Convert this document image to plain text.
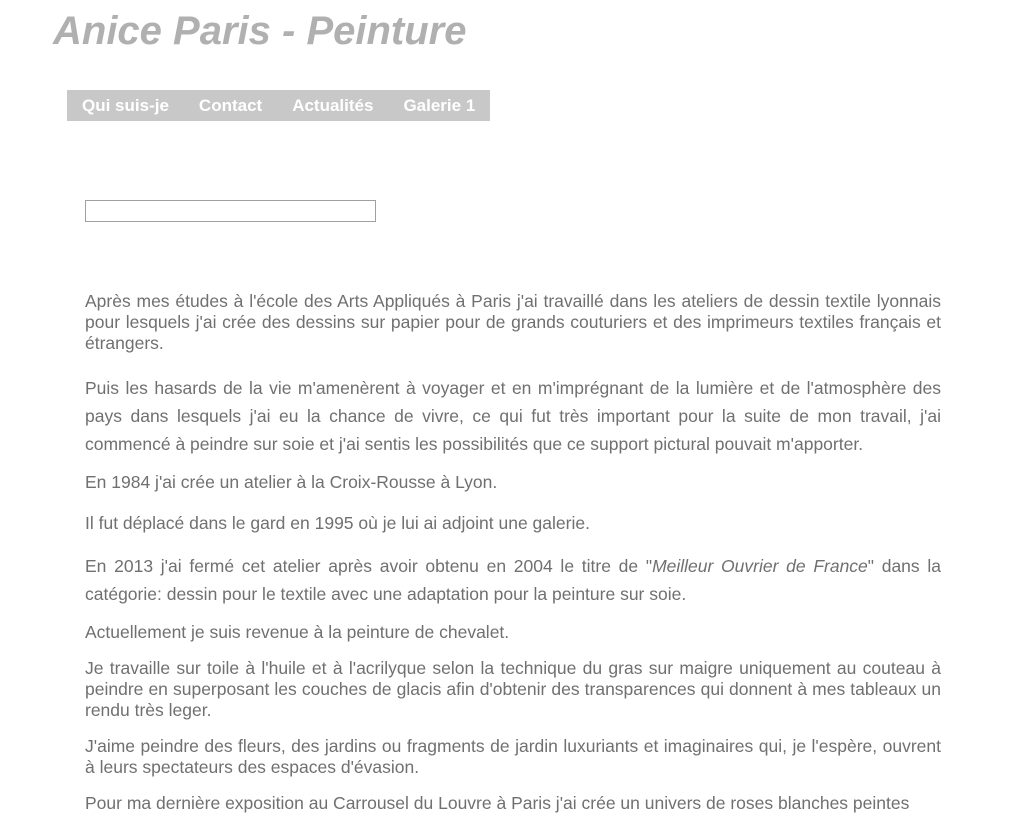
Anice Paris - Peinture
Qui suis-je Contact Actualités Galerie 1

Après mes études à l'école des Arts Appliqués à Paris j'ai travaillé dans les ateliers de dessin textile lyonnais pour lesquels j'ai crée des dessins sur papier pour de grands couturiers et des imprimeurs textiles français et étrangers.

Puis les hasards de la vie m'amenèrent à voyager et en m'imprégnant de la lumière et de l'atmosphère des pays dans lesquels j'ai eu la chance de vivre, ce qui fut très important pour la suite de mon travail, j'ai commencé à peindre sur soie et j'ai sentis les possibilités que ce support pictural pouvait m'apporter.

En 1984 j'ai crée un atelier à la Croix-Rousse à Lyon.

Il fut déplacé dans le gard en 1995 où je lui ai adjoint une galerie.

En 2013 j'ai fermé cet atelier après avoir obtenu en 2004 le titre de "Meilleur Ouvrier de France" dans la catégorie: dessin pour le textile avec une adaptation pour la peinture sur soie.

Actuellement je suis revenue à la peinture de chevalet.

Je travaille sur toile à l'huile et à l'acrilyque selon la technique du gras sur maigre uniquement au couteau à peindre en superposant les couches de glacis afin d'obtenir des transparences qui donnent à mes tableaux un rendu très leger.

J'aime peindre des fleurs, des jardins ou fragments de jardin luxuriants et imaginaires qui, je l'espère, ouvrent à leurs spectateurs des espaces d'évasion.

Pour ma dernière exposition au Carrousel du Louvre à Paris j'ai crée un univers de roses blanches peintes
